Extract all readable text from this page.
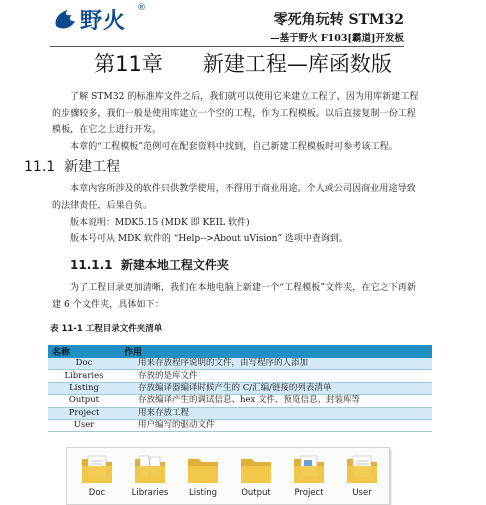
野火
®
零死角玩转 STM32
—基于野火 F103[霸道]开发板
第11章      新建工程—库函数版

了解 STM32 的标准库文件之后，我们就可以使用它来建立工程了，因为用库新建工程的步骤较多，我们一般是使用库建立一个空的工程，作为工程模板。以后直接复制一份工程模板，在它之上进行开发。

本章的“工程模板”范例可在配套资料中找到，自己新建工程模板时可参考该工程。

11.1  新建工程

本章内容所涉及的软件只供教学使用，不得用于商业用途。个人或公司因商业用途导致的法律责任，后果自负。

版本说明：MDK5.15 (MDK 即 KEIL 软件)
版本号可从 MDK 软件的 “Help-->About uVision” 选项中查询到。
11.1.1  新建本地工程文件夹

为了工程目录更加清晰，我们在本地电脑上新建一个“工程模板”文件夹，在它之下再新建 6 个文件夹，具体如下：

表 11-1 工程目录文件夹清单
名称	作用
Doc	用来存放程序说明的文件，由写程序的人添加
Libraries	存放的是库文件
Listing	存放编译器编译时候产生的 C/汇编/链接的列表清单
Output	存放编译产生的调试信息、hex 文件、预览信息、封装库等
Project	用来存放工程
User	用户编写的驱动文件
Doc	Libraries	Listing	Output	Project	User
